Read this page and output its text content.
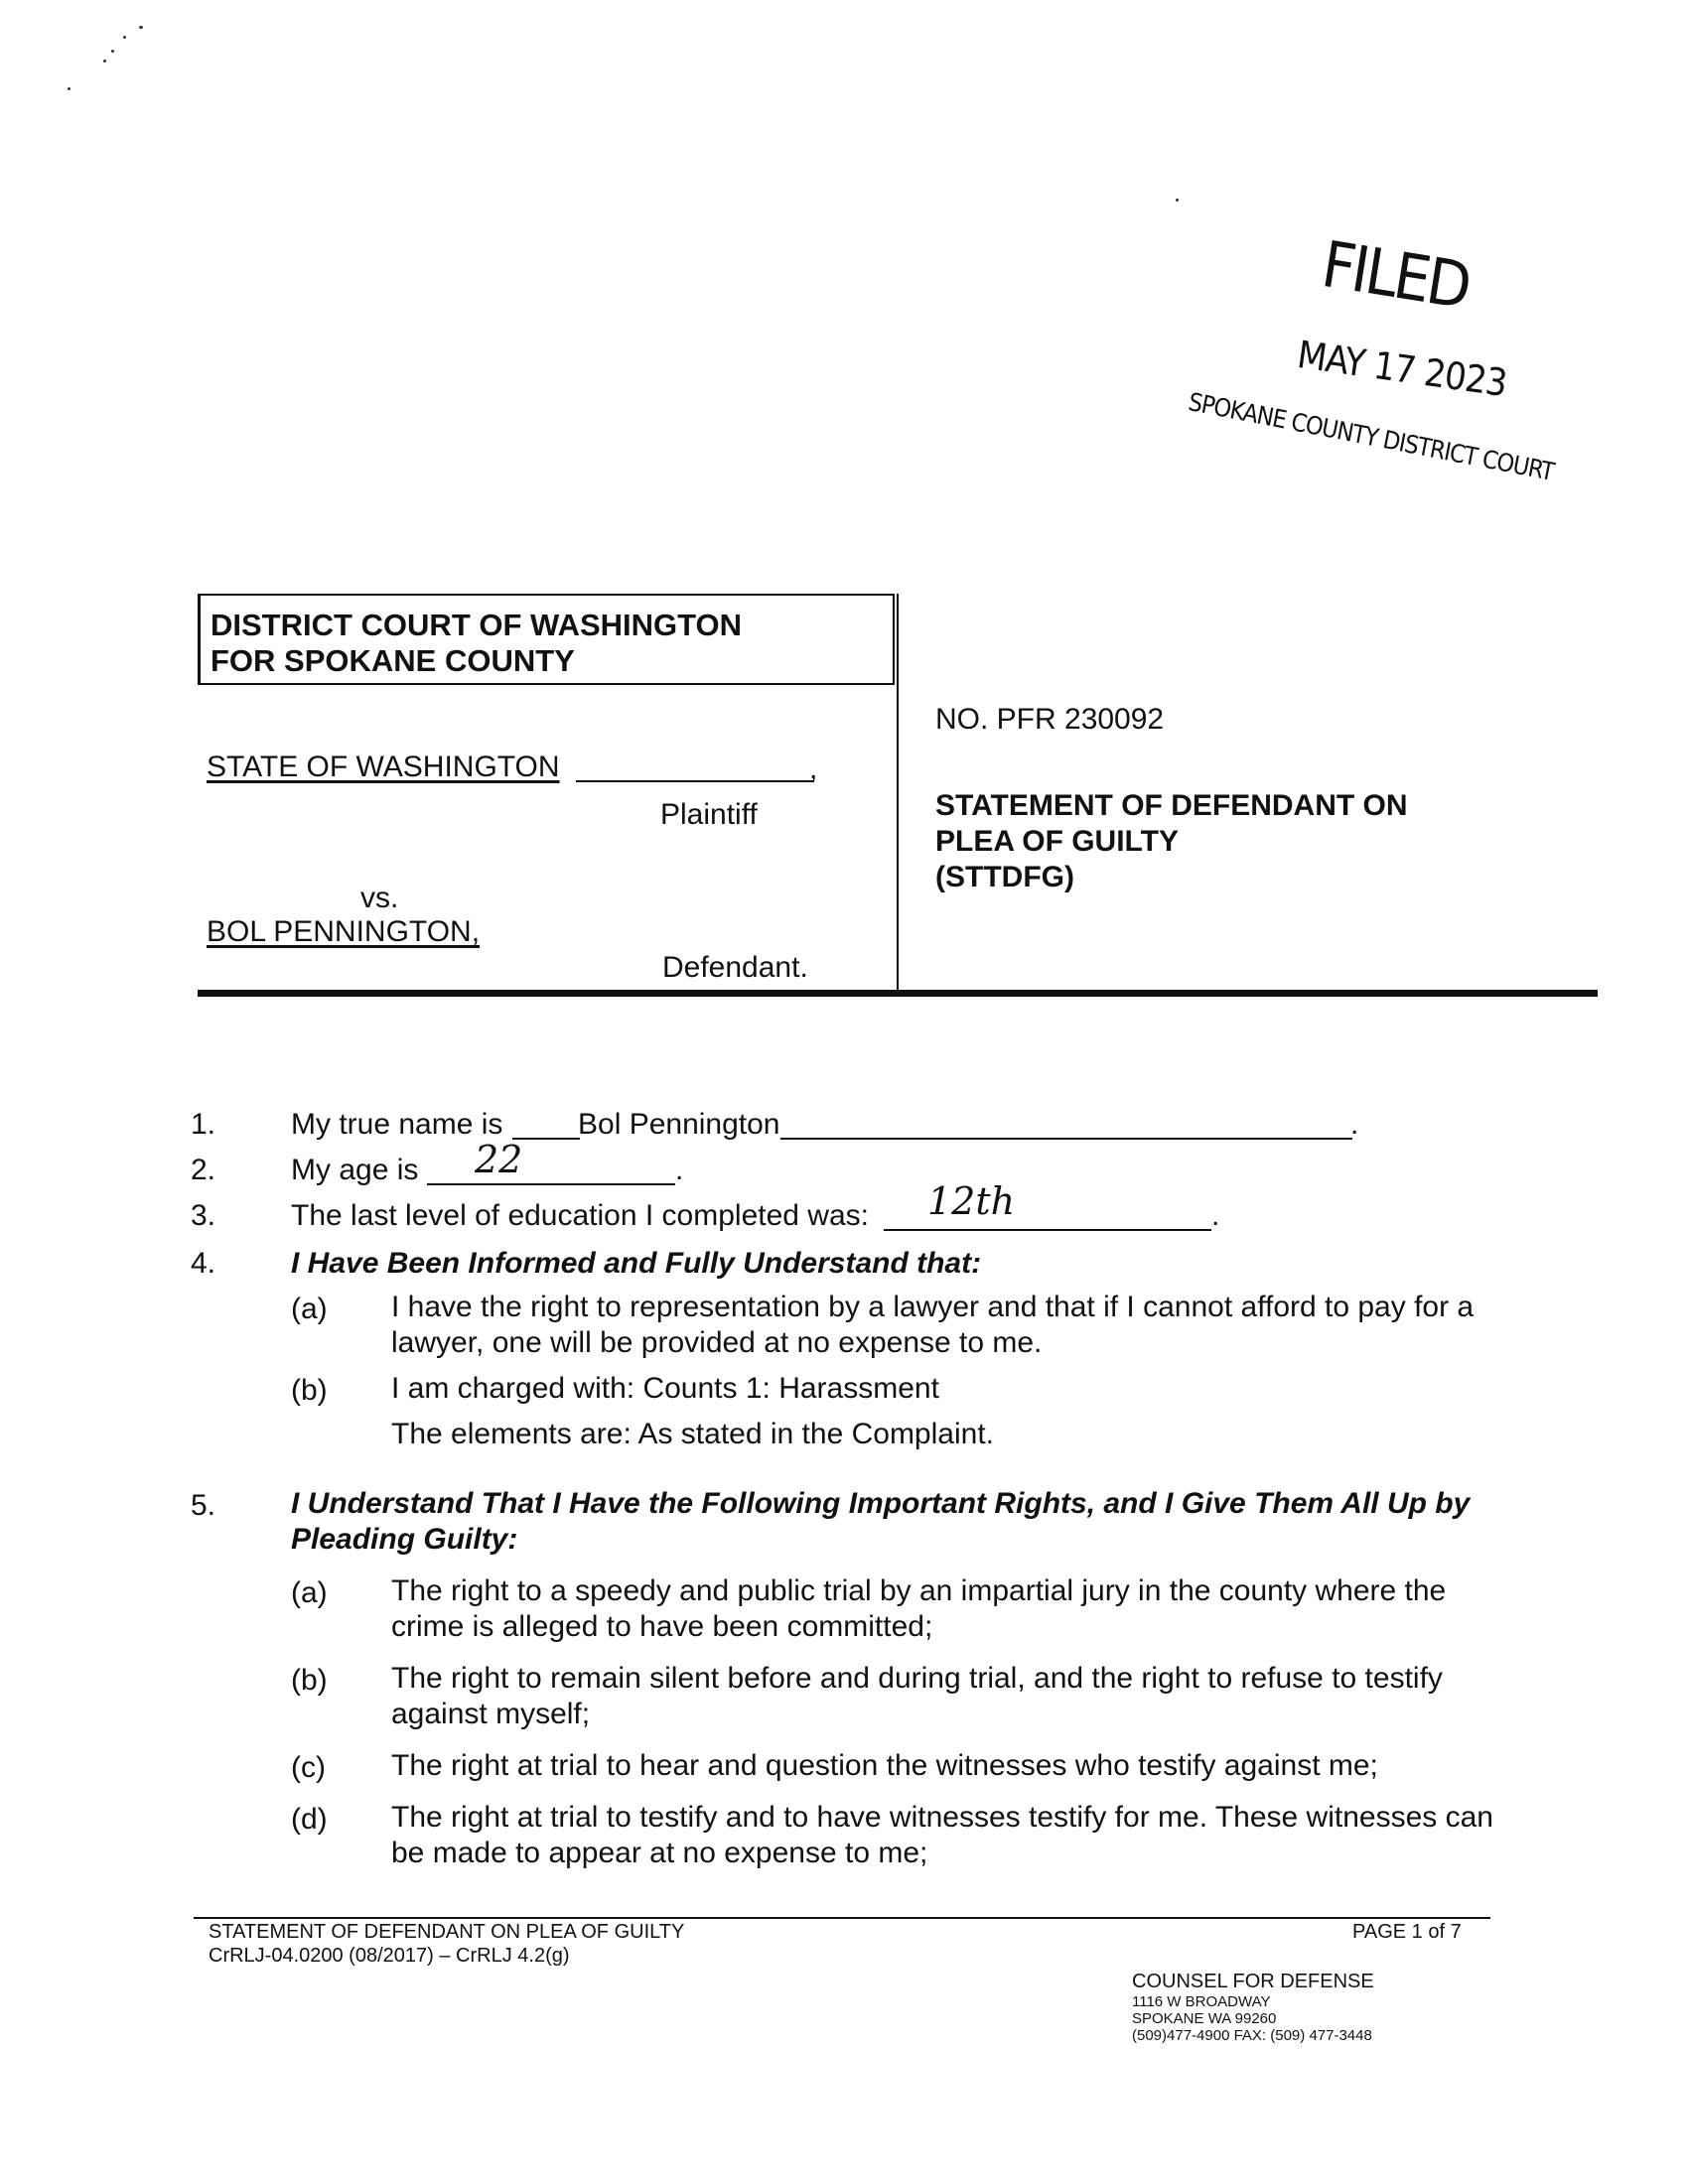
FILED
MAY 17 2023
SPOKANE COUNTY DISTRICT COURT
DISTRICT COURT OF WASHINGTON
FOR SPOKANE COUNTY
STATE OF WASHINGTON	,
Plaintiff
vs.
BOL PENNINGTON,
Defendant.
NO. PFR 230092
STATEMENT OF DEFENDANT ON
PLEA OF GUILTY
(STTDFG)
1.	My true name is	Bol Pennington	.
2.	My age is 22	.
3.	The last level of education I completed was: 12th	.
4.	I Have Been Informed and Fully Understand that:
(a) I have the right to representation by a lawyer and that if I cannot afford to pay for a lawyer, one will be provided at no expense to me.
(b) I am charged with: Counts 1: Harassment
The elements are: As stated in the Complaint.
5.	I Understand That I Have the Following Important Rights, and I Give Them All Up by
Pleading Guilty:
(a) The right to a speedy and public trial by an impartial jury in the county where the crime is alleged to have been committed;
(b) The right to remain silent before and during trial, and the right to refuse to testify against myself;
(c) The right at trial to hear and question the witnesses who testify against me;
(d) The right at trial to testify and to have witnesses testify for me. These witnesses can be made to appear at no expense to me;
STATEMENT OF DEFENDANT ON PLEA OF GUILTY
CrRLJ-04.0200 (08/2017) – CrRLJ 4.2(g)
PAGE 1 of 7
COUNSEL FOR DEFENSE
1116 W BROADWAY
SPOKANE WA 99260
(509)477-4900 FAX: (509) 477-3448
